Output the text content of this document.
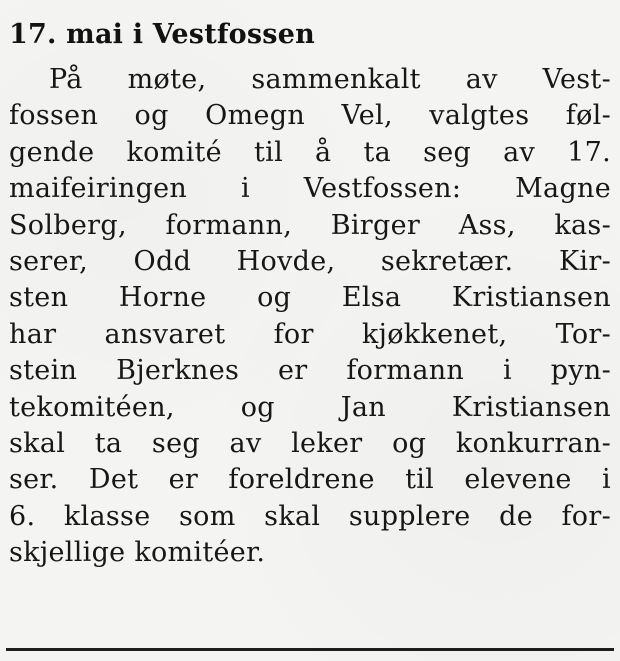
17. mai i Vestfossen
På møte, sammenkalt av Vest-
fossen og Omegn Vel, valgtes føl-
gende komité til å ta seg av 17.
maifeiringen i Vestfossen: Magne
Solberg, formann, Birger Ass, kas-
serer, Odd Hovde, sekretær. Kir-
sten Horne og Elsa Kristiansen
har ansvaret for kjøkkenet, Tor-
stein Bjerknes er formann i pyn-
tekomitéen, og Jan Kristiansen
skal ta seg av leker og konkurran-
ser. Det er foreldrene til elevene i
6. klasse som skal supplere de for-
skjellige komitéer.
